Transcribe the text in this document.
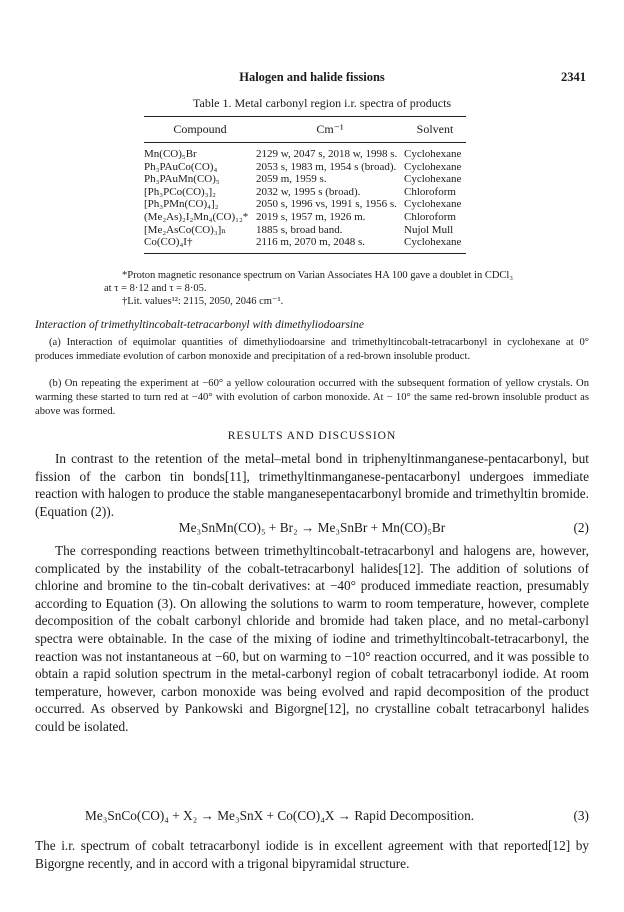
Halogen and halide fissions	2341
Table 1. Metal carbonyl region i.r. spectra of products
Compound	Cm⁻¹	Solvent
Mn(CO)₅Br	2129 w, 2047 s, 2018 w, 1998 s.	Cyclohexane
Ph₃PAuCo(CO)₄	2053 s, 1983 m, 1954 s (broad).	Cyclohexane
Ph₃PAuMn(CO)₅	2059 m, 1959 s.	Cyclohexane
[Ph₃PCo(CO)₃]₂	2032 w, 1995 s (broad).	Chloroform
[Ph₃PMn(CO)₄]₂	2050 s, 1996 vs, 1991 s, 1956 s.	Cyclohexane
(Me₂As)₂I₂Mn₄(CO)₁₂*	2019 s, 1957 m, 1926 m.	Chloroform
[Me₂AsCo(CO)₃]ₙ	1885 s, broad band.	Nujol Mull
Co(CO)₄I†	2116 m, 2070 m, 2048 s.	Cyclohexane
*Proton magnetic resonance spectrum on Varian Associates HA 100 gave a doublet in CDCl₃ at τ = 8·12 and τ = 8·05.
†Lit. values¹²: 2115, 2050, 2046 cm⁻¹.
Interaction of trimethyltincobalt-tetracarbonyl with dimethyliodoarsine
(a) Interaction of equimolar quantities of dimethyliodoarsine and trimethyltincobalt-tetracarbonyl in cyclohexane at 0° produces immediate evolution of carbon monoxide and precipitation of a red-brown insoluble product.
(b) On repeating the experiment at −60° a yellow colouration occurred with the subsequent formation of yellow crystals. On warming these started to turn red at −40° with evolution of carbon monoxide. At − 10° the same red-brown insoluble product as above was formed.
RESULTS AND DISCUSSION
In contrast to the retention of the metal–metal bond in triphenyltinmanganese-pentacarbonyl, but fission of the carbon tin bonds[11], trimethyltinmanganese-pentacarbonyl undergoes immediate reaction with halogen to produce the stable manganesepentacarbonyl bromide and trimethyltin bromide. (Equation (2)).
Me₃SnMn(CO)₅ + Br₂ → Me₃SnBr + Mn(CO)₅Br	(2)
The corresponding reactions between trimethyltincobalt-tetracarbonyl and halogens are, however, complicated by the instability of the cobalt-tetracarbonyl halides[12]. The addition of solutions of chlorine and bromine to the tin-cobalt derivatives: at −40° produced immediate reaction, presumably according to Equation (3). On allowing the solutions to warm to room temperature, however, complete decomposition of the cobalt carbonyl chloride and bromide had taken place, and no metal-carbonyl spectra were obtainable. In the case of the mixing of iodine and trimethyltincobalt-tetracarbonyl, the reaction was not instantaneous at −60, but on warming to −10° reaction occurred, and it was possible to obtain a rapid solution spectrum in the metal-carbonyl region of cobalt tetracarbonyl iodide. At room temperature, however, carbon monoxide was being evolved and rapid decomposition of the product occurred. As observed by Pankowski and Bigorgne[12], no crystalline cobalt tetracarbonyl halides could be isolated.
Me₃SnCo(CO)₄ + X₂ → Me₃SnX + Co(CO)₄X → Rapid Decomposition.	(3)
The i.r. spectrum of cobalt tetracarbonyl iodide is in excellent agreement with that reported[12] by Bigorgne recently, and in accord with a trigonal bipyramidal structure.
